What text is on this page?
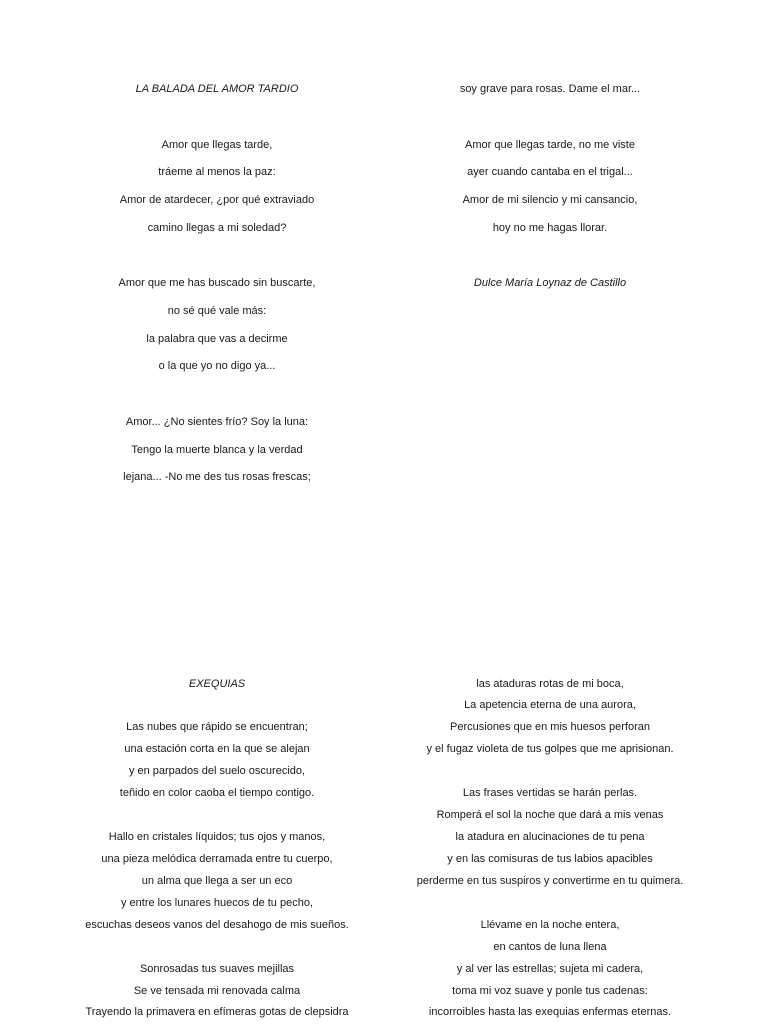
LA BALADA DEL AMOR TARDIO
Amor que llegas tarde,
tráeme al menos la paz:
Amor de atardecer, ¿por qué extraviado
camino llegas a mi soledad?
Amor que me has buscado sin buscarte,
no sé qué vale más:
la palabra que vas a decirme
o la que yo no digo ya...
Amor... ¿No sientes frío? Soy la luna:
Tengo la muerte blanca y la verdad
lejana... -No me des tus rosas frescas;
soy grave para rosas. Dame el mar...
Amor que llegas tarde, no me viste
ayer cuando cantaba en el trigal...
Amor de mi silencio y mi cansancio,
hoy no me hagas llorar.
Dulce María Loynaz de Castillo
EXEQUIAS
Las nubes que rápido se encuentran;
una estación corta en la que se alejan
y en parpados del suelo oscurecido,
teñido en color caoba el tiempo contigo.
Hallo en cristales líquidos; tus ojos y manos,
una pieza melódica derramada entre tu cuerpo,
un alma que llega a ser un eco
y entre los lunares huecos de tu pecho,
escuchas deseos vanos del desahogo de mis sueños.
Sonrosadas tus suaves mejillas
Se ve tensada mi renovada calma
Trayendo la primavera en efímeras gotas de clepsidra
las ataduras rotas de mi boca,
La apetencia eterna de una aurora,
Percusiones que en mis huesos perforan
y el fugaz violeta de tus golpes que me aprisionan.
Las frases vertidas se harán perlas.
Romperá el sol la noche que dará a mis venas
la atadura en alucinaciones de tu pena
y en las comisuras de tus labios apacibles
perderme en tus suspiros y convertirme en tu quimera.
Llévame en la noche entera,
en cantos de luna llena
y al ver las estrellas; sujeta mi cadera,
toma mi voz suave y ponle tus cadenas:
incorroibles hasta las exequias enfermas eternas.
